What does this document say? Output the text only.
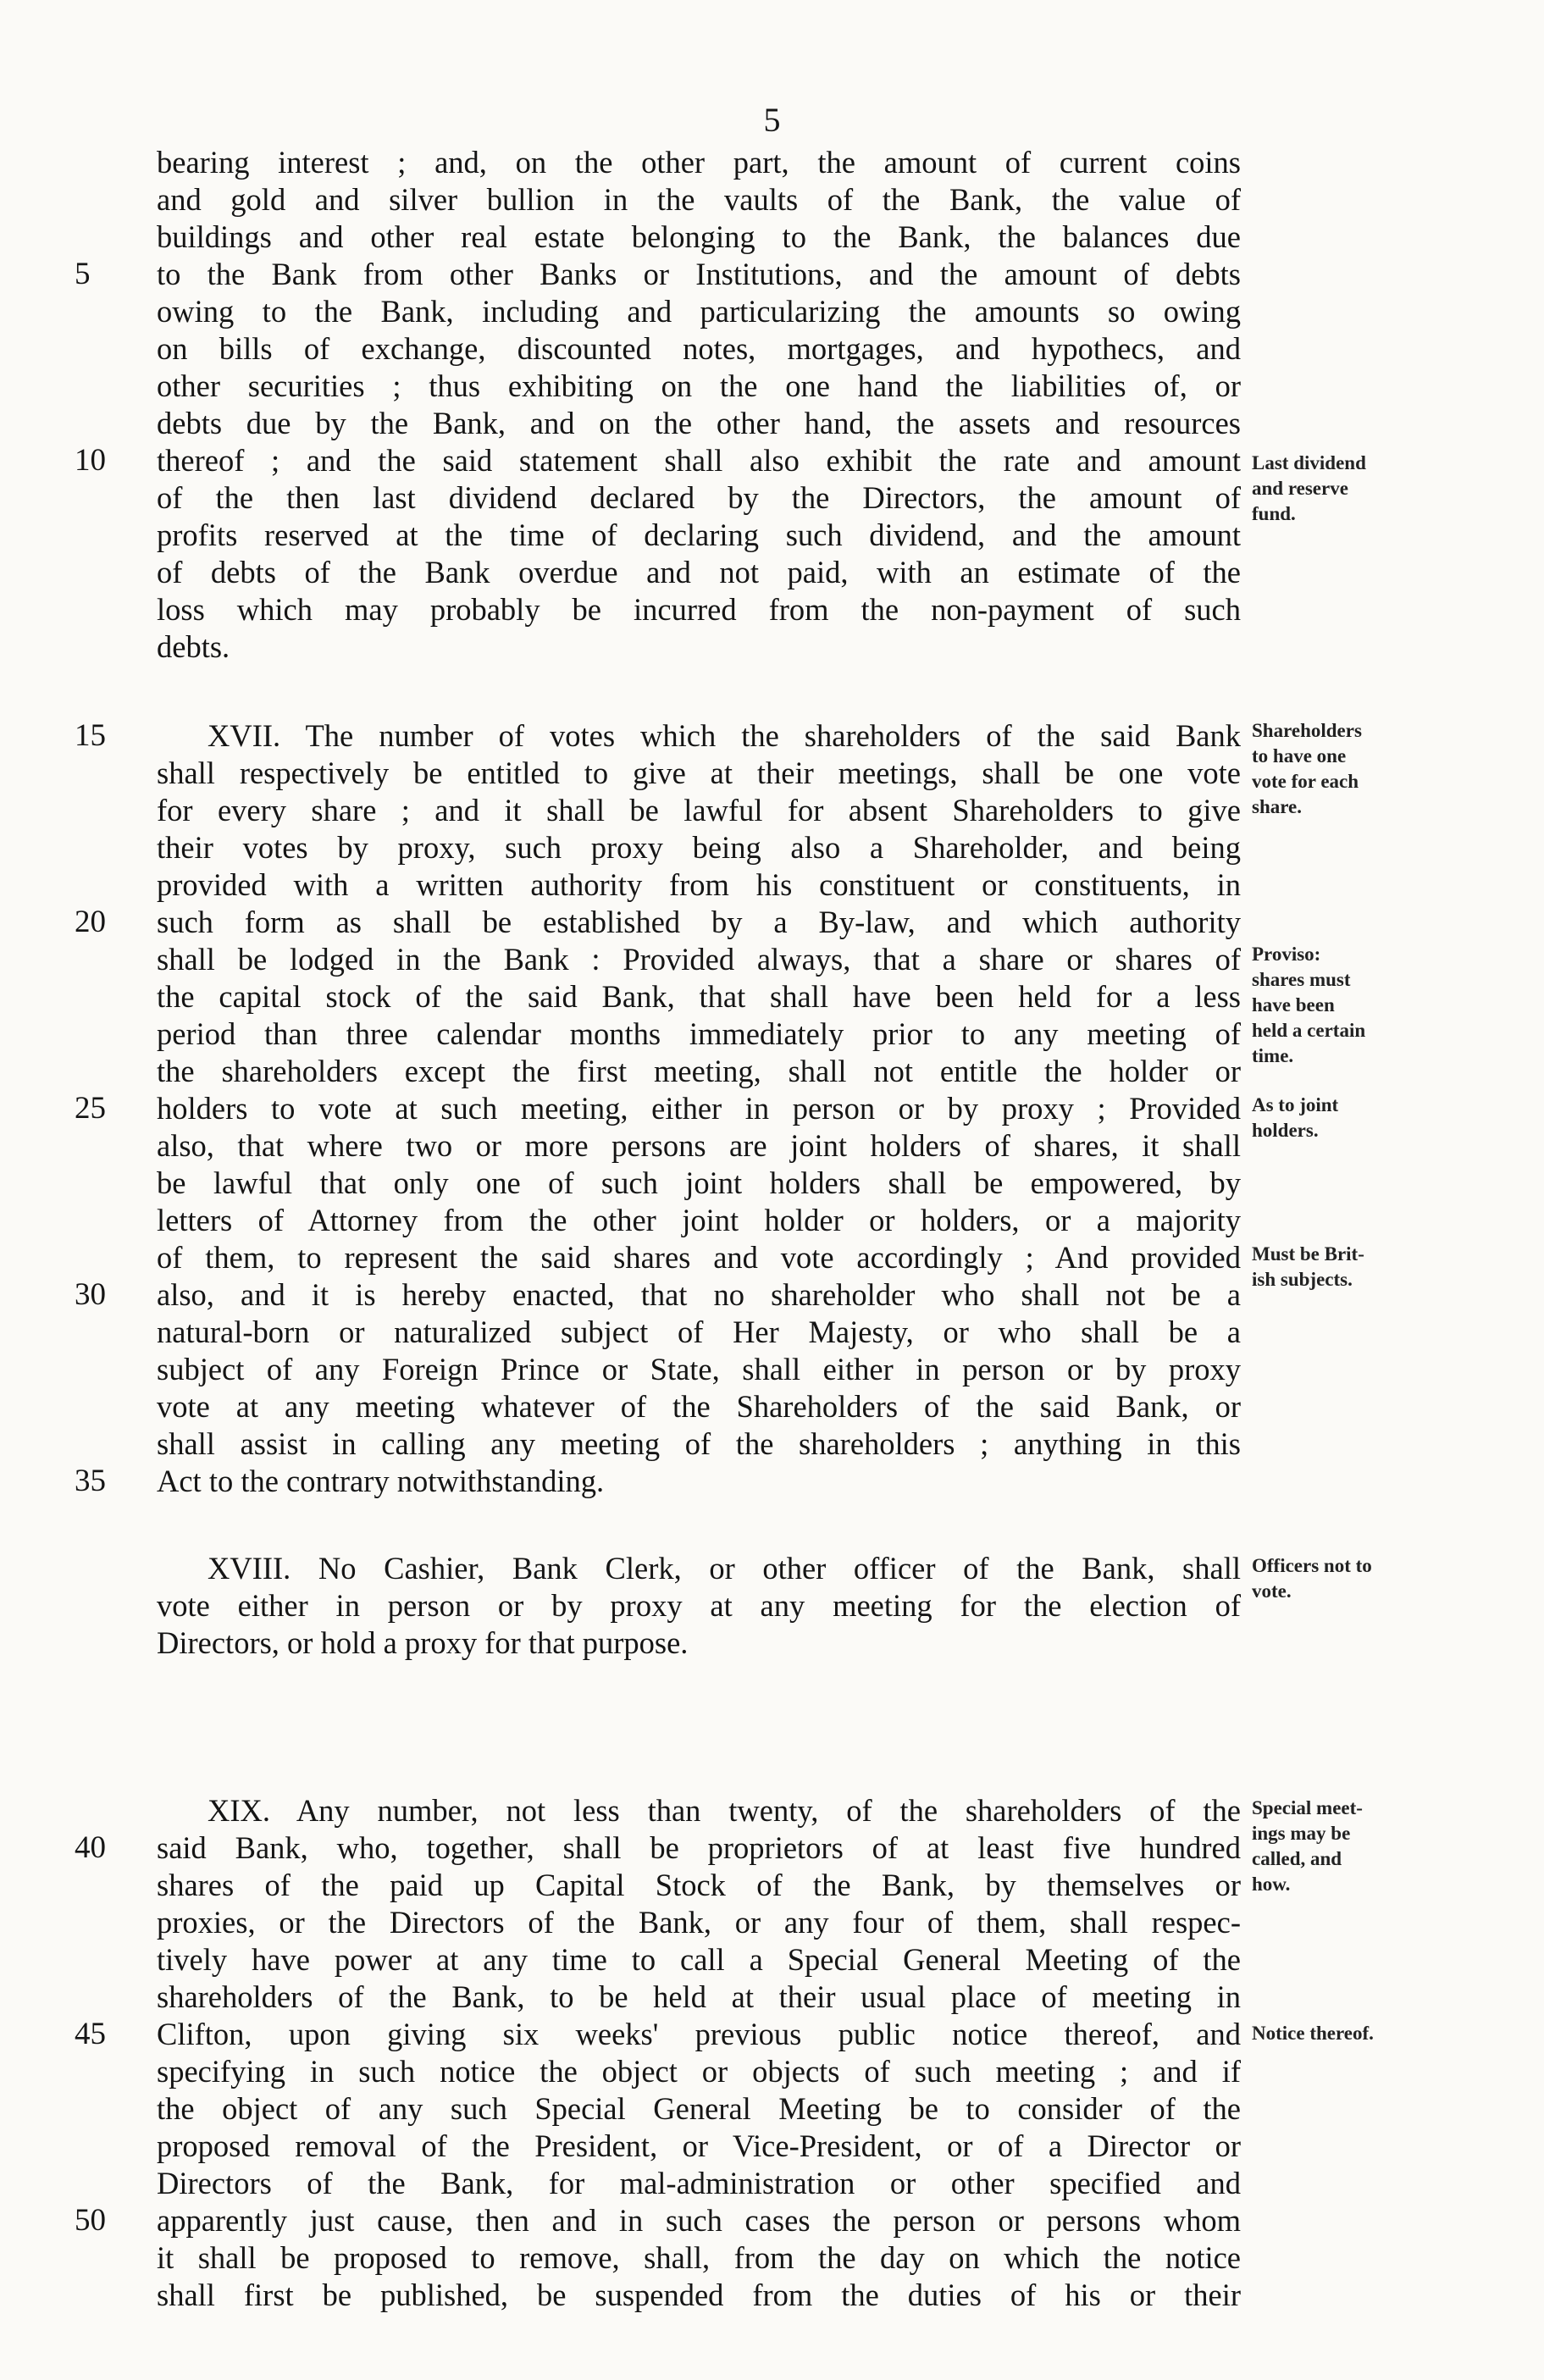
5
5
10
15
20
25
30
35
40
45
50
bearing interest ; and, on the other part, the amount of current coins
and gold and silver bullion in the vaults of the Bank, the value of
buildings and other real estate belonging to the Bank, the balances due
to the Bank from other Banks or Institutions, and the amount of debts
owing to the Bank, including and particularizing the amounts so owing
on bills of exchange, discounted notes, mortgages, and hypothecs, and
other securities ; thus exhibiting on the one hand the liabilities of, or
debts due by the Bank, and on the other hand, the assets and resources
thereof ; and the said statement shall also exhibit the rate and amount
of the then last dividend declared by the Directors, the amount of
profits reserved at the time of declaring such dividend, and the amount
of debts of the Bank overdue and not paid, with an estimate of the
loss which may probably be incurred from the non-payment of such
debts.
XVII. The number of votes which the shareholders of the said Bank
shall respectively be entitled to give at their meetings, shall be one vote
for every share ; and it shall be lawful for absent Shareholders to give
their votes by proxy, such proxy being also a Shareholder, and being
provided with a written authority from his constituent or constituents, in
such form as shall be established by a By-law, and which authority
shall be lodged in the Bank : Provided always, that a share or shares of
the capital stock of the said Bank, that shall have been held for a less
period than three calendar months immediately prior to any meeting of
the shareholders except the first meeting, shall not entitle the holder or
holders to vote at such meeting, either in person or by proxy ; Provided
also, that where two or more persons are joint holders of shares, it shall
be lawful that only one of such joint holders shall be empowered, by
letters of Attorney from the other joint holder or holders, or a majority
of them, to represent the said shares and vote accordingly ; And provided
also, and it is hereby enacted, that no shareholder who shall not be a
natural-born or naturalized subject of Her Majesty, or who shall be a
subject of any Foreign Prince or State, shall either in person or by proxy
vote at any meeting whatever of the Shareholders of the said Bank, or
shall assist in calling any meeting of the shareholders ; anything in this
Act to the contrary notwithstanding.
XVIII. No Cashier, Bank Clerk, or other officer of the Bank, shall
vote either in person or by proxy at any meeting for the election of
Directors, or hold a proxy for that purpose.
XIX. Any number, not less than twenty, of the shareholders of the
said Bank, who, together, shall be proprietors of at least five hundred
shares of the paid up Capital Stock of the Bank, by themselves or
proxies, or the Directors of the Bank, or any four of them, shall respec-
tively have power at any time to call a Special General Meeting of the
shareholders of the Bank, to be held at their usual place of meeting in
Clifton, upon giving six weeks' previous public notice thereof, and
specifying in such notice the object or objects of such meeting ; and if
the object of any such Special General Meeting be to consider of the
proposed removal of the President, or Vice-President, or of a Director or
Directors of the Bank, for mal-administration or other specified and
apparently just cause, then and in such cases the person or persons whom
it shall be proposed to remove, shall, from the day on which the notice
shall first be published, be suspended from the duties of his or their
Last dividend
and reserve
fund.
Shareholders
to have one
vote for each
share.
Proviso:
shares must
have been
held a certain
time.
As to joint
holders.
Must be Brit-
ish subjects.
Officers not to
vote.
Special meet-
ings may be
called, and
how.
Notice thereof.
